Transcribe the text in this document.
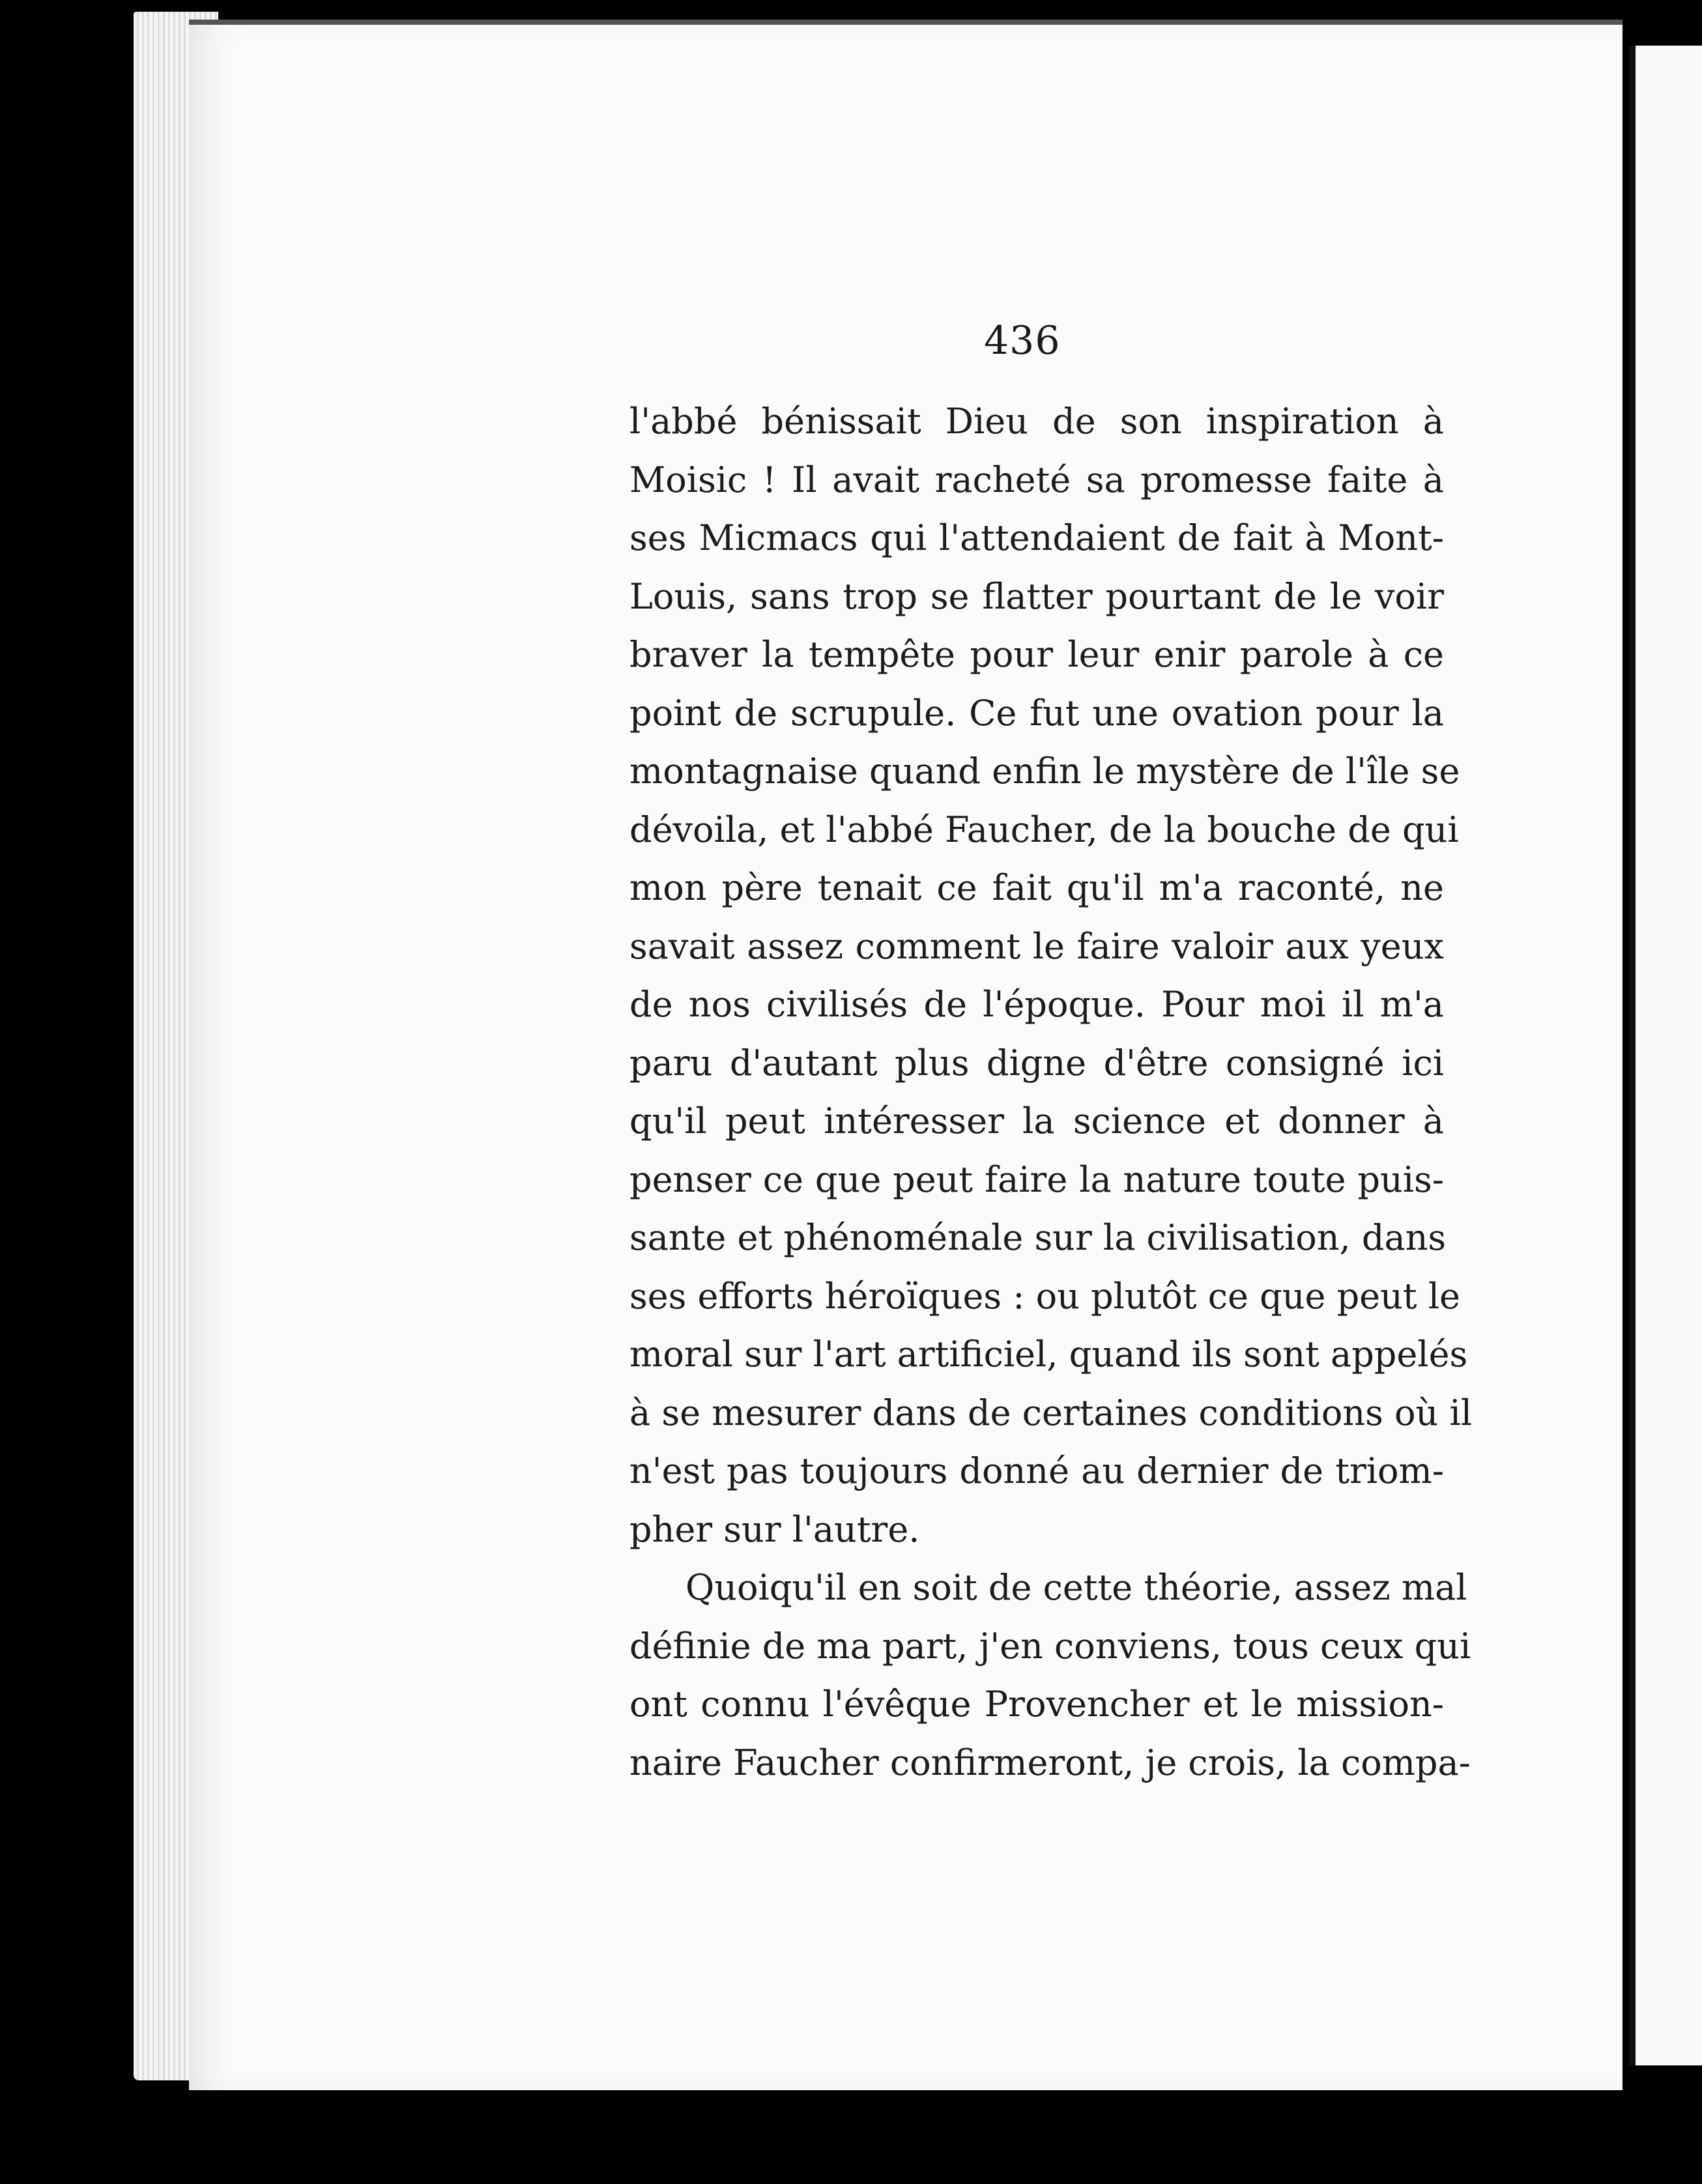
436

l'abbé bénissait Dieu de son inspiration à
Moisic ! Il avait racheté sa promesse faite à
ses Micmacs qui l'attendaient de fait à Mont-
Louis, sans trop se flatter pourtant de le voir
braver la tempête pour leur enir parole à ce
point de scrupule. Ce fut une ovation pour la
montagnaise quand enfin le mystère de l'île se
dévoila, et l'abbé Faucher, de la bouche de qui
mon père tenait ce fait qu'il m'a raconté, ne
savait assez comment le faire valoir aux yeux
de nos civilisés de l'époque. Pour moi il m'a
paru d'autant plus digne d'être consigné ici
qu'il peut intéresser la science et donner à
penser ce que peut faire la nature toute puis-
sante et phénoménale sur la civilisation, dans
ses efforts héroïques : ou plutôt ce que peut le
moral sur l'art artificiel, quand ils sont appelés
à se mesurer dans de certaines conditions où il
n'est pas toujours donné au dernier de triom-
pher sur l'autre.

Quoiqu'il en soit de cette théorie, assez mal
définie de ma part, j'en conviens, tous ceux qui
ont connu l'évêque Provencher et le mission-
naire Faucher confirmeront, je crois, la compa-
